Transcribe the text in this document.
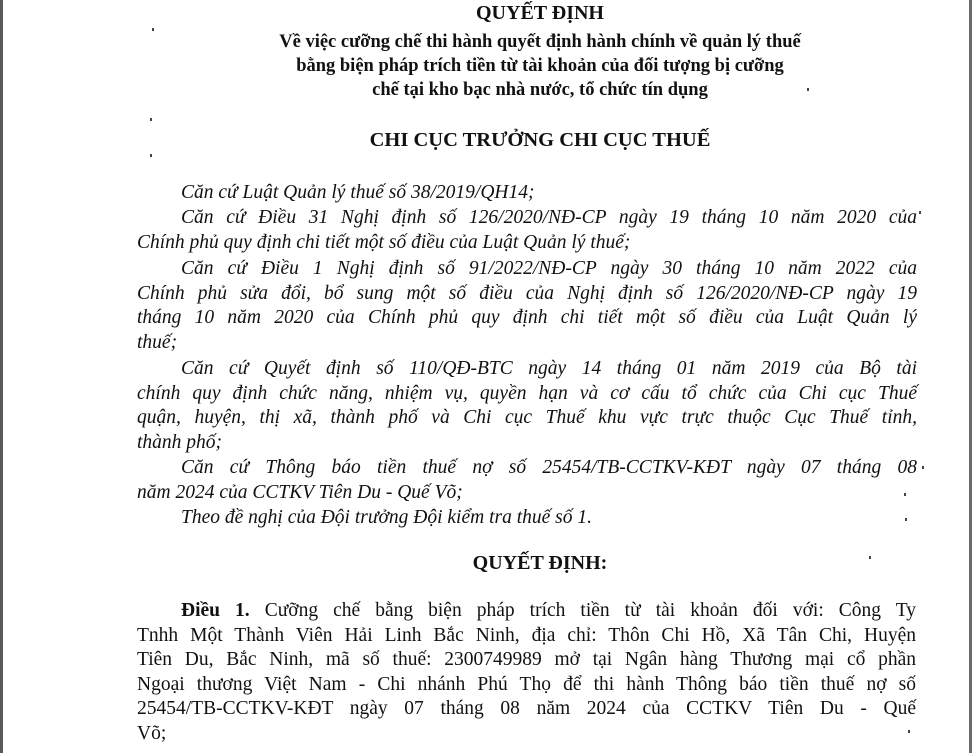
QUYẾT ĐỊNH
Về việc cưỡng chế thi hành quyết định hành chính về quản lý thuế
bằng biện pháp trích tiền từ tài khoản của đối tượng bị cưỡng
chế tại kho bạc nhà nước, tổ chức tín dụng
CHI CỤC TRƯỞNG CHI CỤC THUẾ
Căn cứ Luật Quản lý thuế số 38/2019/QH14;
Căn cứ Điều 31 Nghị định số 126/2020/NĐ-CP ngày 19 tháng 10 năm 2020 của
Chính phủ quy định chi tiết một số điều của Luật Quản lý thuế;
Căn cứ Điều 1 Nghị định số 91/2022/NĐ-CP ngày 30 tháng 10 năm 2022 của
Chính phủ sửa đổi, bổ sung một số điều của Nghị định số 126/2020/NĐ-CP ngày 19
tháng 10 năm 2020 của Chính phủ quy định chi tiết một số điều của Luật Quản lý
thuế;
Căn cứ Quyết định số 110/QĐ-BTC ngày 14 tháng 01 năm 2019 của Bộ tài
chính quy định chức năng, nhiệm vụ, quyền hạn và cơ cấu tổ chức của Chi cục Thuế
quận, huyện, thị xã, thành phố và Chi cục Thuế khu vực trực thuộc Cục Thuế tỉnh,
thành phố;
Căn cứ Thông báo tiền thuế nợ số 25454/TB-CCTKV-KĐT ngày 07 tháng 08
năm 2024 của CCTKV Tiên Du - Quế Võ;
Theo đề nghị của Đội trưởng Đội kiểm tra thuế số 1.
QUYẾT ĐỊNH:
Điều 1. Cưỡng chế bằng biện pháp trích tiền từ tài khoản đối với: Công Ty
Tnhh Một Thành Viên Hải Linh Bắc Ninh, địa chỉ: Thôn Chi Hồ, Xã Tân Chi, Huyện
Tiên Du, Bắc Ninh, mã số thuế: 2300749989 mở tại Ngân hàng Thương mại cổ phần
Ngoại thương Việt Nam - Chi nhánh Phú Thọ để thi hành Thông báo tiền thuế nợ số
25454/TB-CCTKV-KĐT ngày 07 tháng 08 năm 2024 của CCTKV Tiên Du - Quế
Võ;
